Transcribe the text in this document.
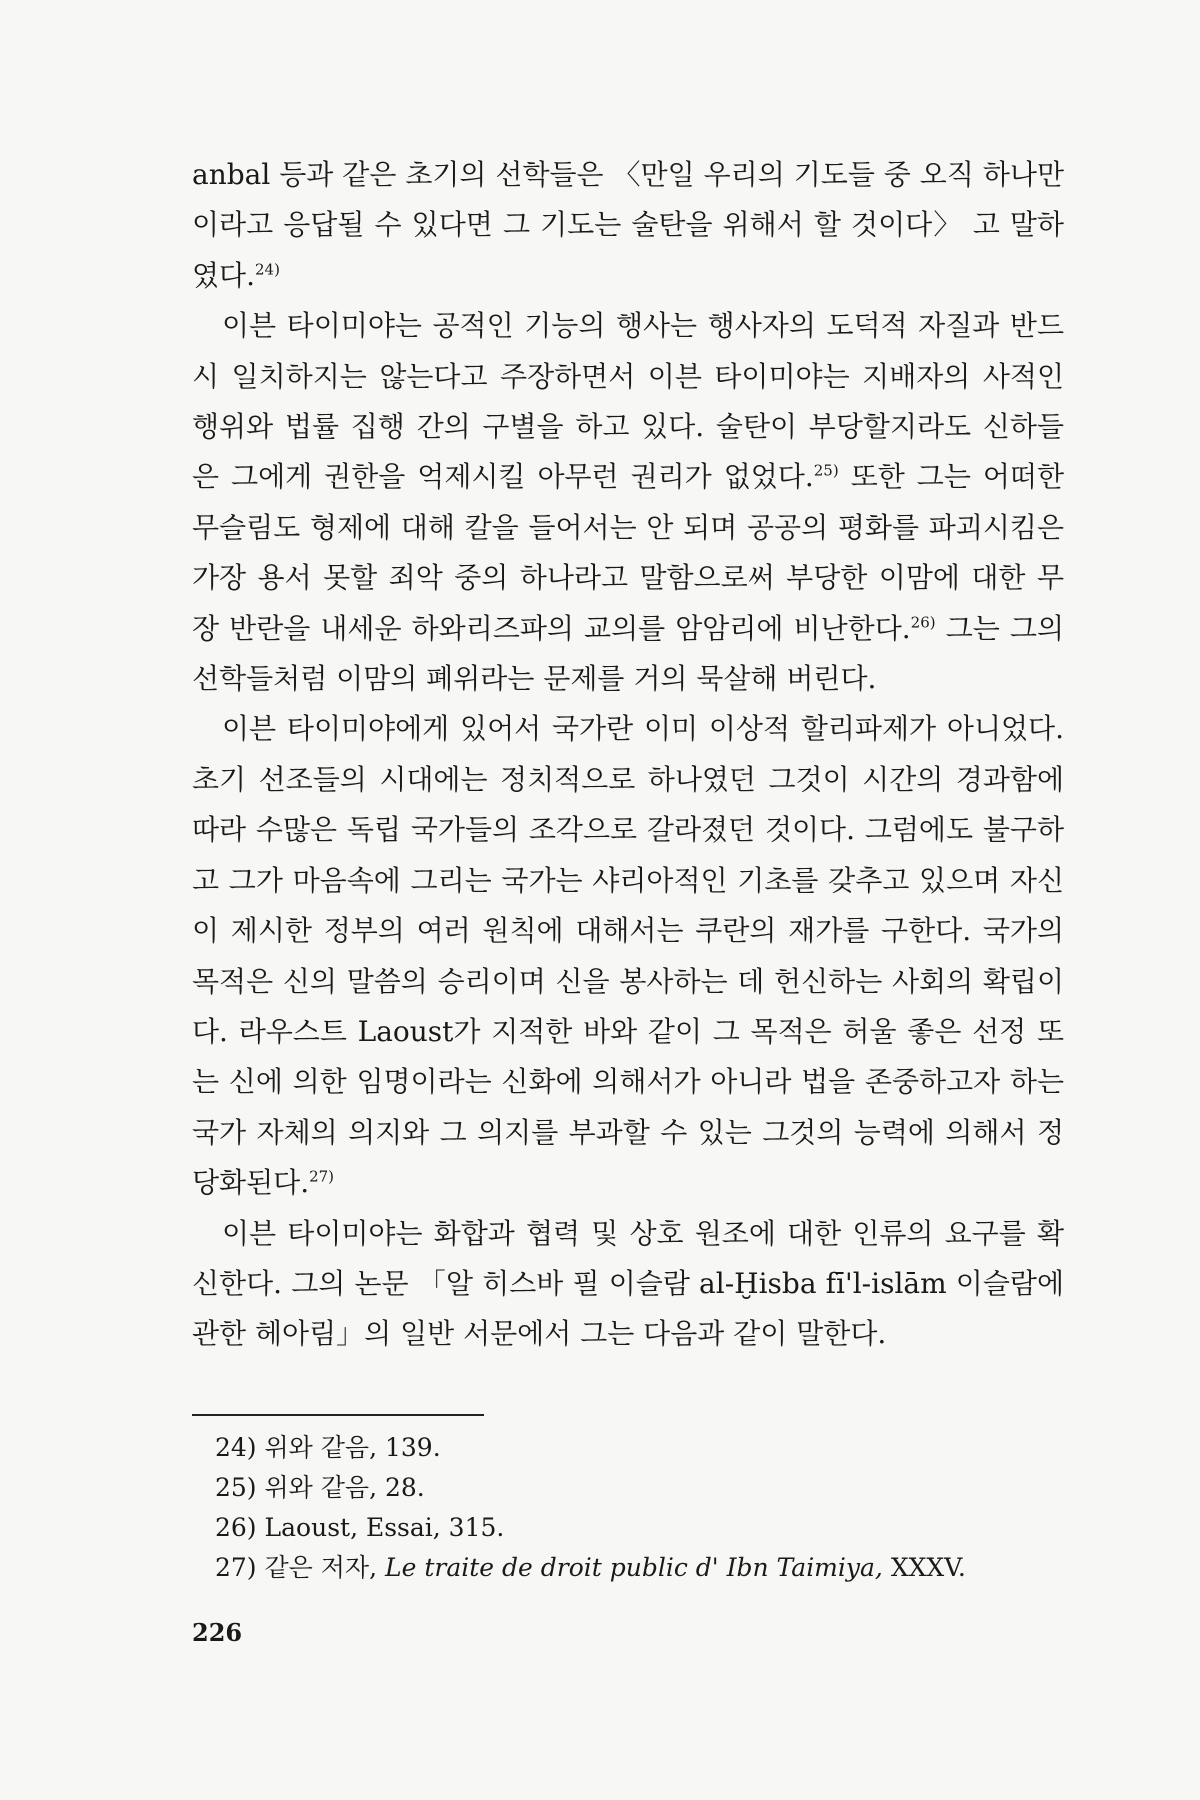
anbal 등과 같은 초기의 선학들은 〈만일 우리의 기도들 중 오직 하나만이라고 응답될 수 있다면 그 기도는 술탄을 위해서 할 것이다〉 고 말하였다.$^{24)}$

이븐 타이미야는 공적인 기능의 행사는 행사자의 도덕적 자질과 반드시 일치하지는 않는다고 주장하면서 이븐 타이미야는 지배자의 사적인 행위와 법률 집행 간의 구별을 하고 있다. 술탄이 부당할지라도 신하들은 그에게 권한을 억제시킬 아무런 권리가 없었다.$^{25)}$ 또한 그는 어떠한 무슬림도 형제에 대해 칼을 들어서는 안 되며 공공의 평화를 파괴시킴은 가장 용서 못할 죄악 중의 하나라고 말함으로써 부당한 이맘에 대한 무장 반란을 내세운 하와리즈파의 교의를 암암리에 비난한다.$^{26)}$ 그는 그의 선학들처럼 이맘의 폐위라는 문제를 거의 묵살해 버린다.

이븐 타이미야에게 있어서 국가란 이미 이상적 할리파제가 아니었다. 초기 선조들의 시대에는 정치적으로 하나였던 그것이 시간의 경과함에 따라 수많은 독립 국가들의 조각으로 갈라졌던 것이다. 그럼에도 불구하고 그가 마음속에 그리는 국가는 샤리아적인 기초를 갖추고 있으며 자신이 제시한 정부의 여러 원칙에 대해서는 쿠란의 재가를 구한다. 국가의 목적은 신의 말씀의 승리이며 신을 봉사하는 데 헌신하는 사회의 확립이다. 라우스트 Laoust가 지적한 바와 같이 그 목적은 허울 좋은 선정 또는 신에 의한 임명이라는 신화에 의해서가 아니라 법을 존중하고자 하는 국가 자체의 의지와 그 의지를 부과할 수 있는 그것의 능력에 의해서 정당화된다.$^{27)}$

이븐 타이미야는 화합과 협력 및 상호 원조에 대한 인류의 요구를 확신한다. 그의 논문 「알 히스바 필 이슬람 al-Ḫisba fī'l-islām 이슬람에 관한 헤아림」의 일반 서문에서 그는 다음과 같이 말한다.

24) 위와 같음, 139.
25) 위와 같음, 28.
26) Laoust, Essai, 315.
27) 같은 저자, Le traite de droit public d' Ibn Taimiya, XXXV.
226
